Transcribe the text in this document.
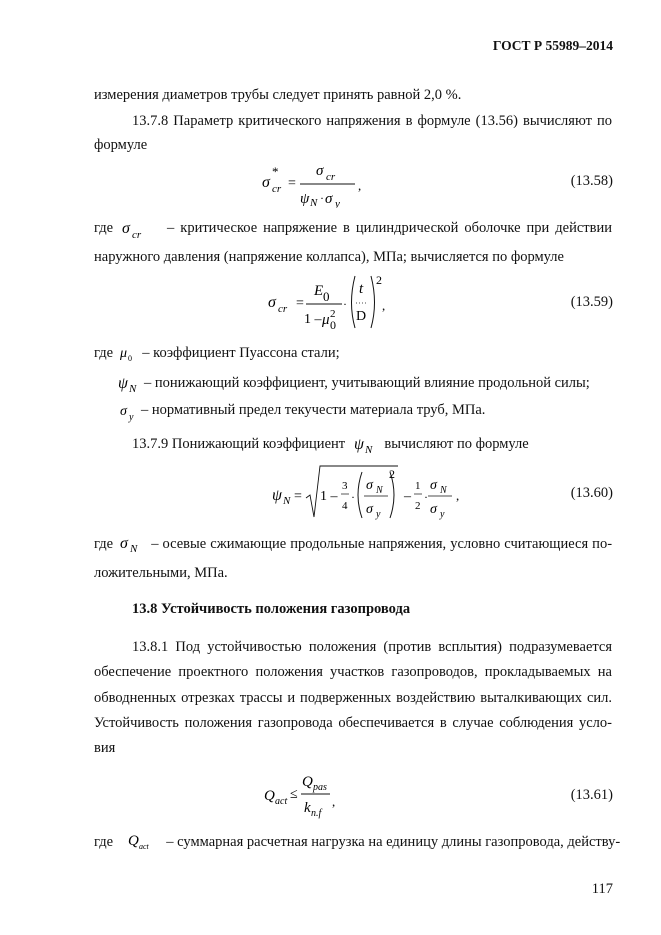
ГОСТ Р 55989–2014
измерения диаметров трубы следует принять равной 2,0 %.
13.7.8 Параметр критического напряжения в формуле (13.56) вычисляют по
формуле
σ cr
*
=
σ cr
ψ N · σ y
,	(13.58)
где	– критическое напряжение в цилиндрической оболочке при действии
σ cr
наружного давления (напряжение коллапса), МПа; вычисляется по формуле
σ cr =
E 0
1 – μ 2
0
·
t
D
2
,	(13.59)
где – коэффициент Пуассона стали;
μ 0
ψ N – понижающий коэффициент, учитывающий влияние продольной силы;
σ y – нормативный предел текучести материала труб, МПа.
13.7.9 Понижающий коэффициент	вычисляют по формуле
ψ N
ψ N = 1 –
3
4
·
σ N
σ y
2
–
1
2
·
σ N
σ y
,	(13.60)
где	– осевые сжимающие продольные напряжения, условно считающиеся по-
σ N
ложительными, МПа.
13.8 Устойчивость положения газопровода
13.8.1 Под устойчивостью положения (против всплытия) подразумевается
обеспечение проектного положения участков газопроводов, прокладываемых на
обводненных отрезках трассы и подверженных воздействию выталкивающих сил.
Устойчивость положения газопровода обеспечивается в случае соблюдения усло-
вия
Q act ≤
Q pas
k n.f
,	(13.61)
где	– суммарная расчетная нагрузка на единицу длины газопровода, действу-
Q act
117
